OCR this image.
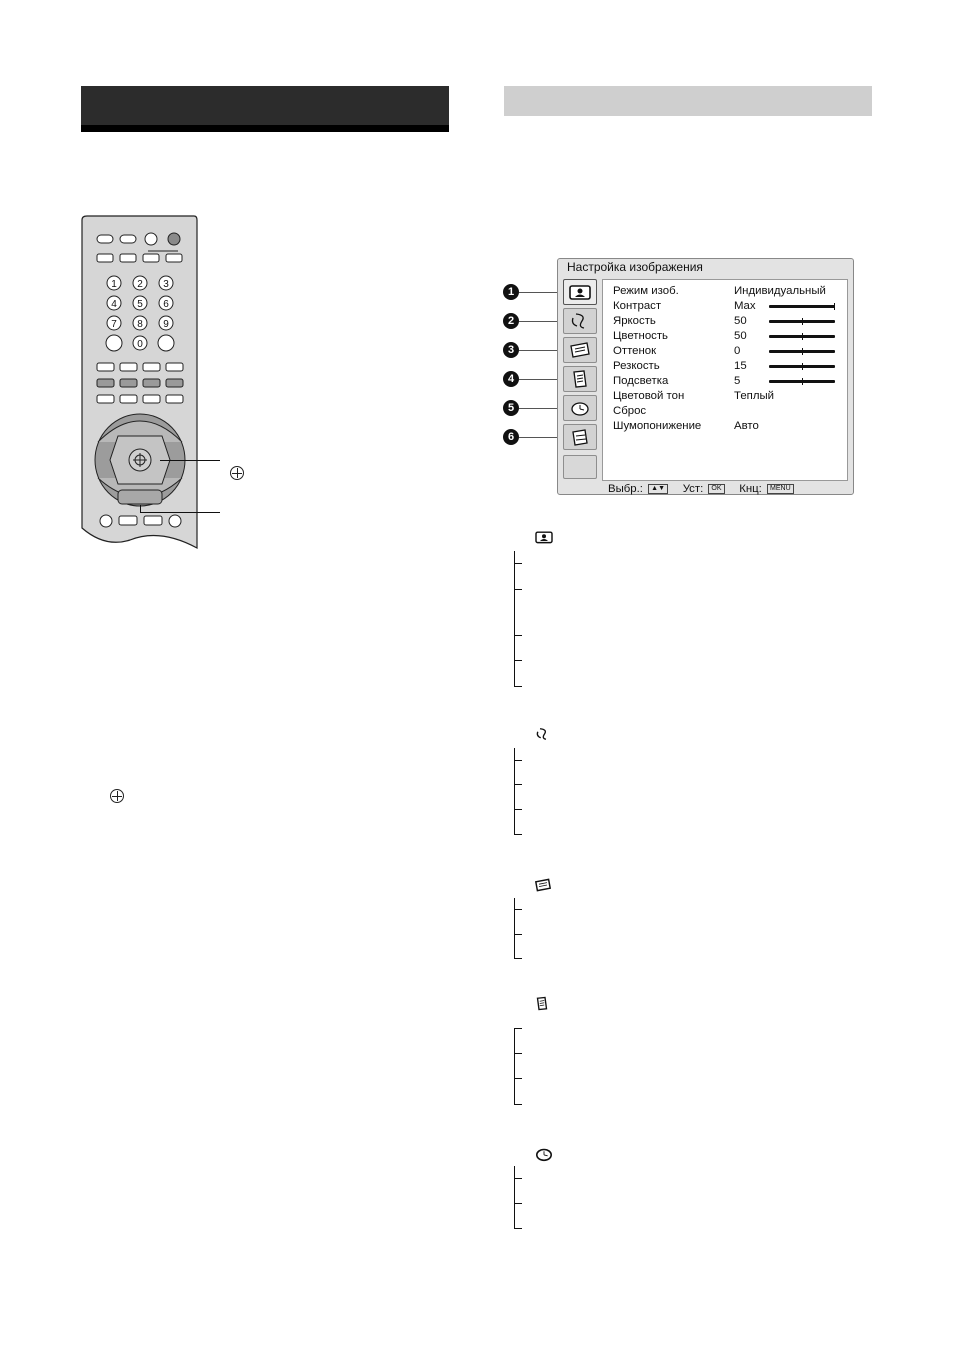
1 2 3
4 5 6
7 8 9
0
1
2
3
4
5
6
Настройка изображения
Режим изоб.	Индивидуальный
Контраст	Max
Яркость	50
Цветность	50
Оттенок	0
Резкость	15
Подсветка	5
Цветовой тон	Теплый
Сброс
Шумопонижение	Авто
Выбр.: ▲▼ Уст: OK Кнц: MENU
